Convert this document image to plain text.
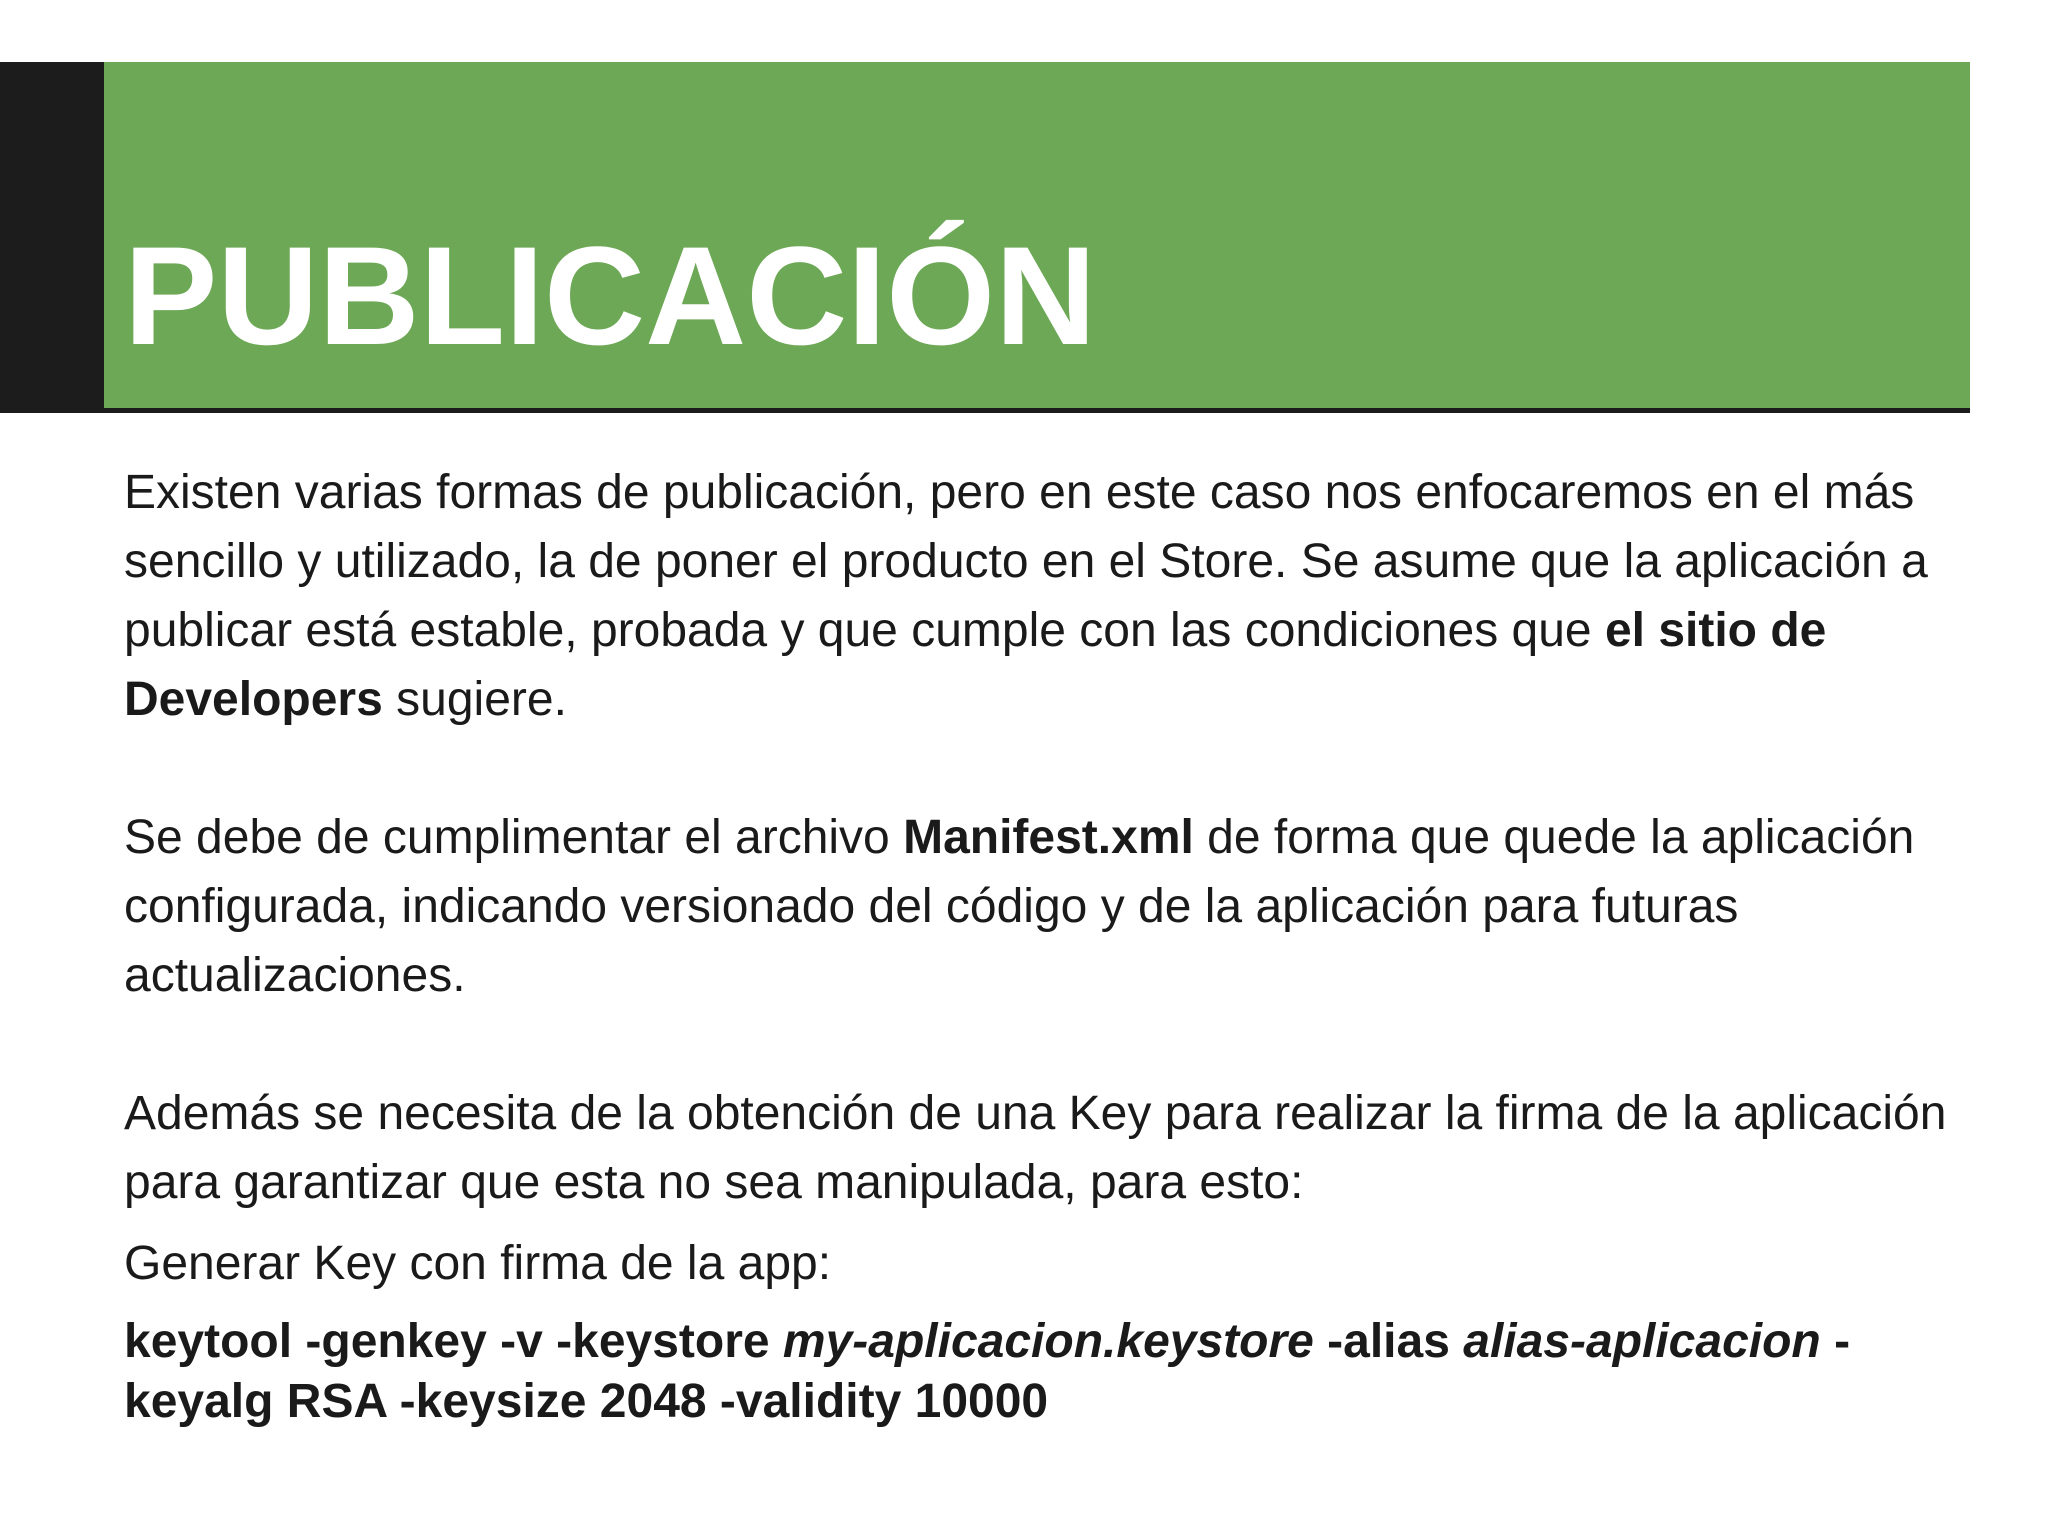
PUBLICACIÓN

Existen varias formas de publicación, pero en este caso nos enfocaremos en el más sencillo y utilizado, la de poner el producto en el Store. Se asume que la aplicación a publicar está estable, probada y que cumple con las condiciones que el sitio de Developers sugiere.

Se debe de cumplimentar el archivo Manifest.xml de forma que quede la aplicación configurada, indicando versionado del código y de la aplicación para futuras actualizaciones.

Además se necesita de la obtención de una Key para realizar la firma de la aplicación para garantizar que esta no sea manipulada, para esto:

Generar Key con firma de la app:

keytool -genkey -v -keystore my-aplicacion.keystore -alias alias-aplicacion -keyalg RSA -keysize 2048 -validity 10000
